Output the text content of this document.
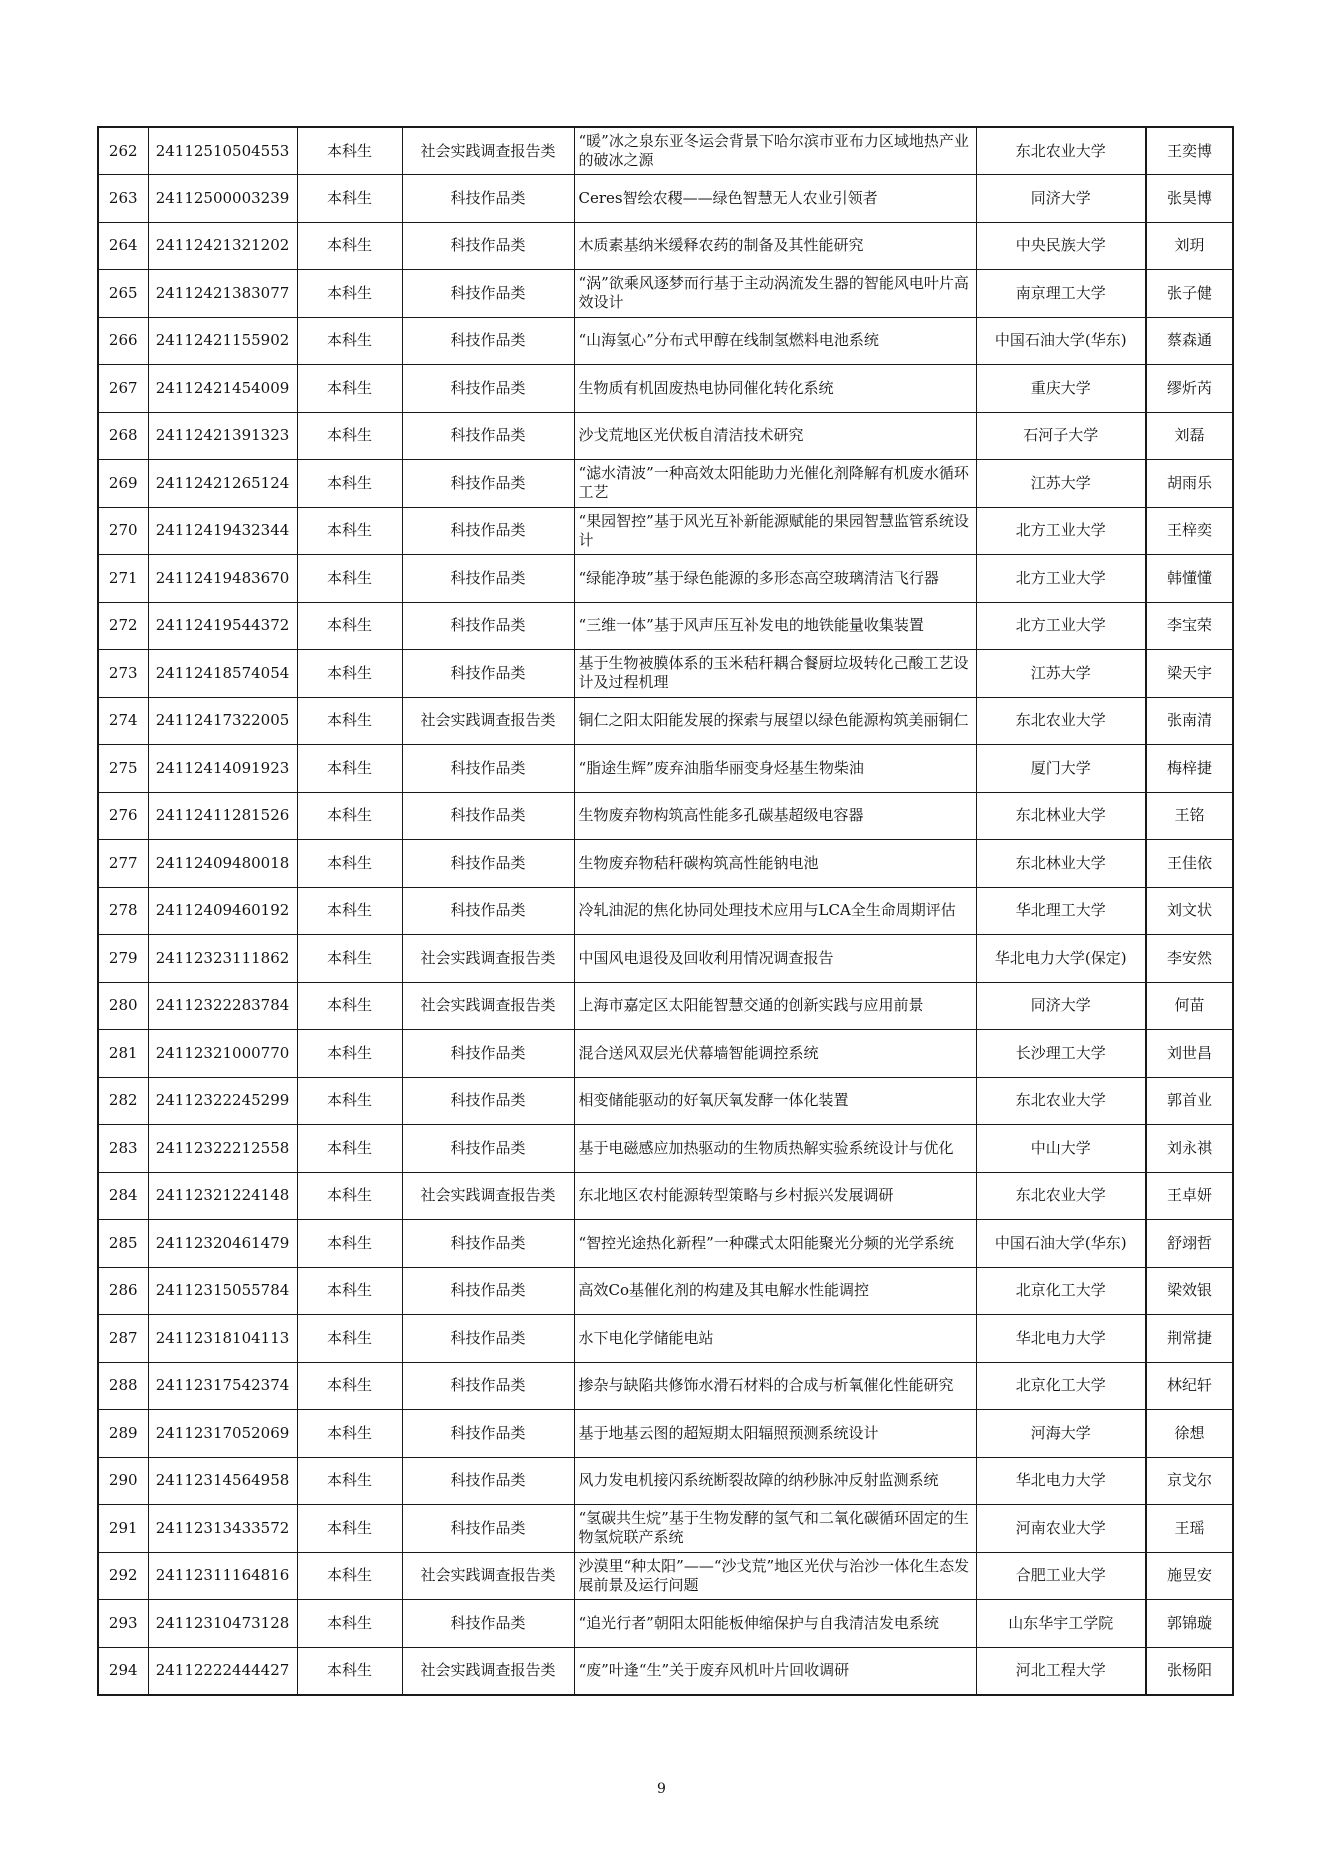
262	24112510504553	本科生	社会实践调查报告类	“暖”冰之泉东亚冬运会背景下哈尔滨市亚布力区域地热产业的破冰之源	东北农业大学	王奕博
263	24112500003239	本科生	科技作品类	Ceres智绘农稷——绿色智慧无人农业引领者	同济大学	张昊博
264	24112421321202	本科生	科技作品类	木质素基纳米缓释农药的制备及其性能研究	中央民族大学	刘玥
265	24112421383077	本科生	科技作品类	“涡”欲乘风逐梦而行基于主动涡流发生器的智能风电叶片高效设计	南京理工大学	张子健
266	24112421155902	本科生	科技作品类	“山海氢心”分布式甲醇在线制氢燃料电池系统	中国石油大学(华东)	蔡森通
267	24112421454009	本科生	科技作品类	生物质有机固废热电协同催化转化系统	重庆大学	缪炘芮
268	24112421391323	本科生	科技作品类	沙戈荒地区光伏板自清洁技术研究	石河子大学	刘磊
269	24112421265124	本科生	科技作品类	“滤水清波”一种高效太阳能助力光催化剂降解有机废水循环工艺	江苏大学	胡雨乐
270	24112419432344	本科生	科技作品类	“果园智控”基于风光互补新能源赋能的果园智慧监管系统设计	北方工业大学	王梓奕
271	24112419483670	本科生	科技作品类	“绿能净玻”基于绿色能源的多形态高空玻璃清洁飞行器	北方工业大学	韩懂懂
272	24112419544372	本科生	科技作品类	“三维一体”基于风声压互补发电的地铁能量收集装置	北方工业大学	李宝荣
273	24112418574054	本科生	科技作品类	基于生物被膜体系的玉米秸秆耦合餐厨垃圾转化己酸工艺设计及过程机理	江苏大学	梁天宇
274	24112417322005	本科生	社会实践调查报告类	铜仁之阳太阳能发展的探索与展望以绿色能源构筑美丽铜仁	东北农业大学	张南清
275	24112414091923	本科生	科技作品类	“脂途生辉”废弃油脂华丽变身烃基生物柴油	厦门大学	梅梓捷
276	24112411281526	本科生	科技作品类	生物废弃物构筑高性能多孔碳基超级电容器	东北林业大学	王铭
277	24112409480018	本科生	科技作品类	生物废弃物秸秆碳构筑高性能钠电池	东北林业大学	王佳依
278	24112409460192	本科生	科技作品类	冷轧油泥的焦化协同处理技术应用与LCA全生命周期评估	华北理工大学	刘文状
279	24112323111862	本科生	社会实践调查报告类	中国风电退役及回收利用情况调查报告	华北电力大学(保定)	李安然
280	24112322283784	本科生	社会实践调查报告类	上海市嘉定区太阳能智慧交通的创新实践与应用前景	同济大学	何苗
281	24112321000770	本科生	科技作品类	混合送风双层光伏幕墙智能调控系统	长沙理工大学	刘世昌
282	24112322245299	本科生	科技作品类	相变储能驱动的好氧厌氧发酵一体化装置	东北农业大学	郭首业
283	24112322212558	本科生	科技作品类	基于电磁感应加热驱动的生物质热解实验系统设计与优化	中山大学	刘永祺
284	24112321224148	本科生	社会实践调查报告类	东北地区农村能源转型策略与乡村振兴发展调研	东北农业大学	王卓妍
285	24112320461479	本科生	科技作品类	“智控光途热化新程”一种碟式太阳能聚光分频的光学系统	中国石油大学(华东)	舒翊哲
286	24112315055784	本科生	科技作品类	高效Co基催化剂的构建及其电解水性能调控	北京化工大学	梁效银
287	24112318104113	本科生	科技作品类	水下电化学储能电站	华北电力大学	荆常捷
288	24112317542374	本科生	科技作品类	掺杂与缺陷共修饰水滑石材料的合成与析氧催化性能研究	北京化工大学	林纪轩
289	24112317052069	本科生	科技作品类	基于地基云图的超短期太阳辐照预测系统设计	河海大学	徐想
290	24112314564958	本科生	科技作品类	风力发电机接闪系统断裂故障的纳秒脉冲反射监测系统	华北电力大学	京戈尔
291	24112313433572	本科生	科技作品类	“氢碳共生烷”基于生物发酵的氢气和二氧化碳循环固定的生物氢烷联产系统	河南农业大学	王瑶
292	24112311164816	本科生	社会实践调查报告类	沙漠里“种太阳”——“沙戈荒”地区光伏与治沙一体化生态发展前景及运行问题	合肥工业大学	施昱安
293	24112310473128	本科生	科技作品类	“追光行者”朝阳太阳能板伸缩保护与自我清洁发电系统	山东华宇工学院	郭锦璇
294	24112222444427	本科生	社会实践调查报告类	“废”叶逢“生”关于废弃风机叶片回收调研	河北工程大学	张杨阳
9
